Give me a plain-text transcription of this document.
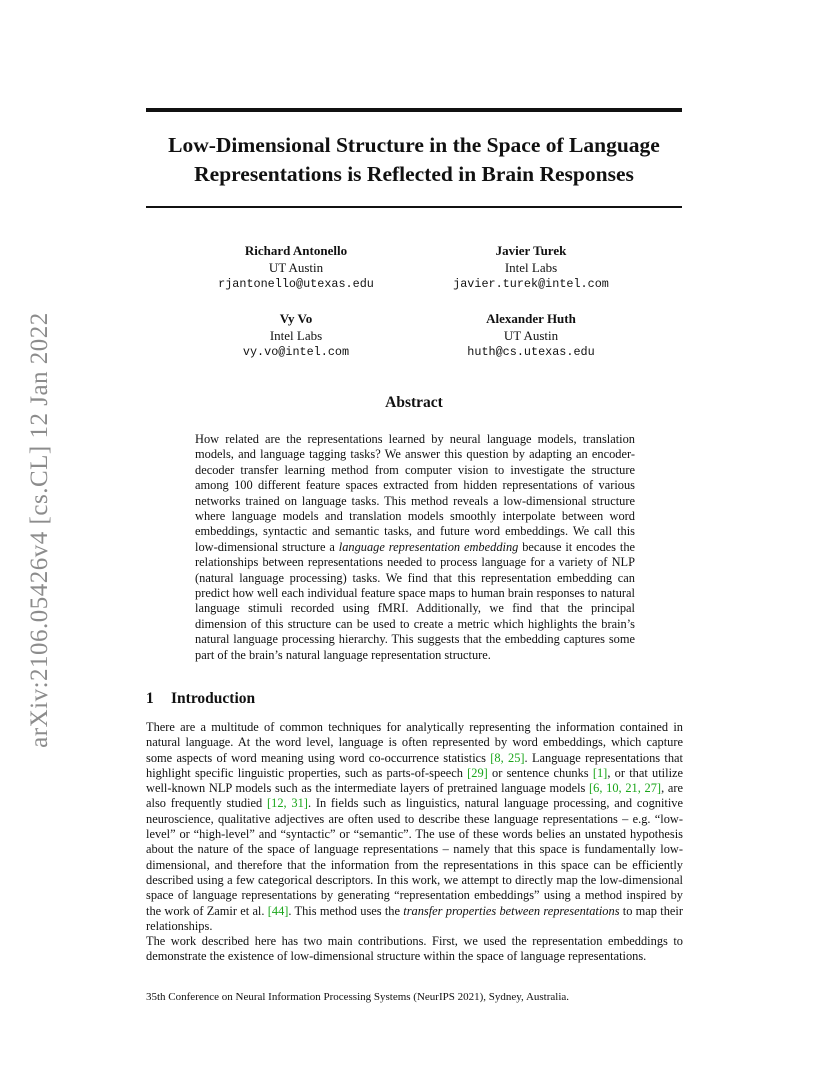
arXiv:2106.05426v4 [cs.CL] 12 Jan 2022
Low-Dimensional Structure in the Space of Language
Representations is Reflected in Brain Responses
Richard Antonello
UT Austin
rjantonello@utexas.edu
Javier Turek
Intel Labs
javier.turek@intel.com
Vy Vo
Intel Labs
vy.vo@intel.com
Alexander Huth
UT Austin
huth@cs.utexas.edu
Abstract
How related are the representations learned by neural language models, translation models, and language tagging tasks? We answer this question by adapting an encoder-decoder transfer learning method from computer vision to investigate the structure among 100 different feature spaces extracted from hidden representations of various networks trained on language tasks. This method reveals a low-dimensional structure where language models and translation models smoothly interpolate between word embeddings, syntactic and semantic tasks, and future word embeddings. We call this low-dimensional structure a language representation embedding because it encodes the relationships between representations needed to process language for a variety of NLP (natural language processing) tasks. We find that this representation embedding can predict how well each individual feature space maps to human brain responses to natural language stimuli recorded using fMRI. Additionally, we find that the principal dimension of this structure can be used to create a metric which highlights the brain’s natural language processing hierarchy. This suggests that the embedding captures some part of the brain’s natural language representation structure.
1 Introduction
There are a multitude of common techniques for analytically representing the information contained in natural language. At the word level, language is often represented by word embeddings, which capture some aspects of word meaning using word co-occurrence statistics [8, 25]. Language representations that highlight specific linguistic properties, such as parts-of-speech [29] or sentence chunks [1], or that utilize well-known NLP models such as the intermediate layers of pretrained language models [6, 10, 21, 27], are also frequently studied [12, 31]. In fields such as linguistics, natural language processing, and cognitive neuroscience, qualitative adjectives are often used to describe these language representations – e.g. “low-level” or “high-level” and “syntactic” or “semantic”. The use of these words belies an unstated hypothesis about the nature of the space of language representations – namely that this space is fundamentally low-dimensional, and therefore that the information from the representations in this space can be efficiently described using a few categorical descriptors. In this work, we attempt to directly map the low-dimensional space of language representations by generating “representation embeddings” using a method inspired by the work of Zamir et al. [44]. This method uses the transfer properties between representations to map their relationships.
The work described here has two main contributions. First, we used the representation embeddings to demonstrate the existence of low-dimensional structure within the space of language representations.
35th Conference on Neural Information Processing Systems (NeurIPS 2021), Sydney, Australia.
